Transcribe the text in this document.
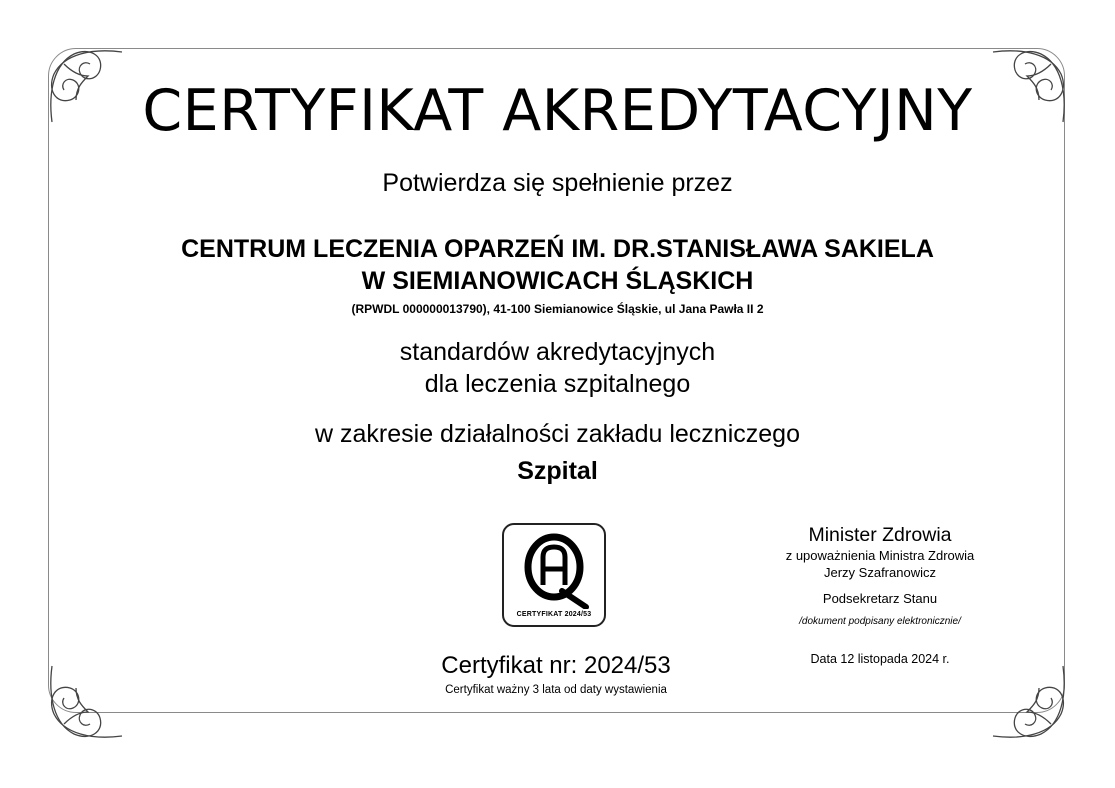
CERTYFIKAT AKREDYTACYJNY
Potwierdza się spełnienie przez
CENTRUM LECZENIA OPARZEŃ IM. DR.STANISŁAWA SAKIELA
W SIEMIANOWICACH ŚLĄSKICH
(RPWDL 000000013790), 41-100 Siemianowice Śląskie, ul Jana Pawła II 2
standardów akredytacyjnych
dla leczenia szpitalnego
w zakresie działalności zakładu leczniczego
Szpital
CERTYFIKAT 2024/53
Certyfikat nr: 2024/53
Certyfikat ważny 3 lata od daty wystawienia
Minister Zdrowia
z upoważnienia Ministra Zdrowia
Jerzy Szafranowicz
Podsekretarz Stanu
/dokument podpisany elektronicznie/
Data 12 listopada 2024 r.
